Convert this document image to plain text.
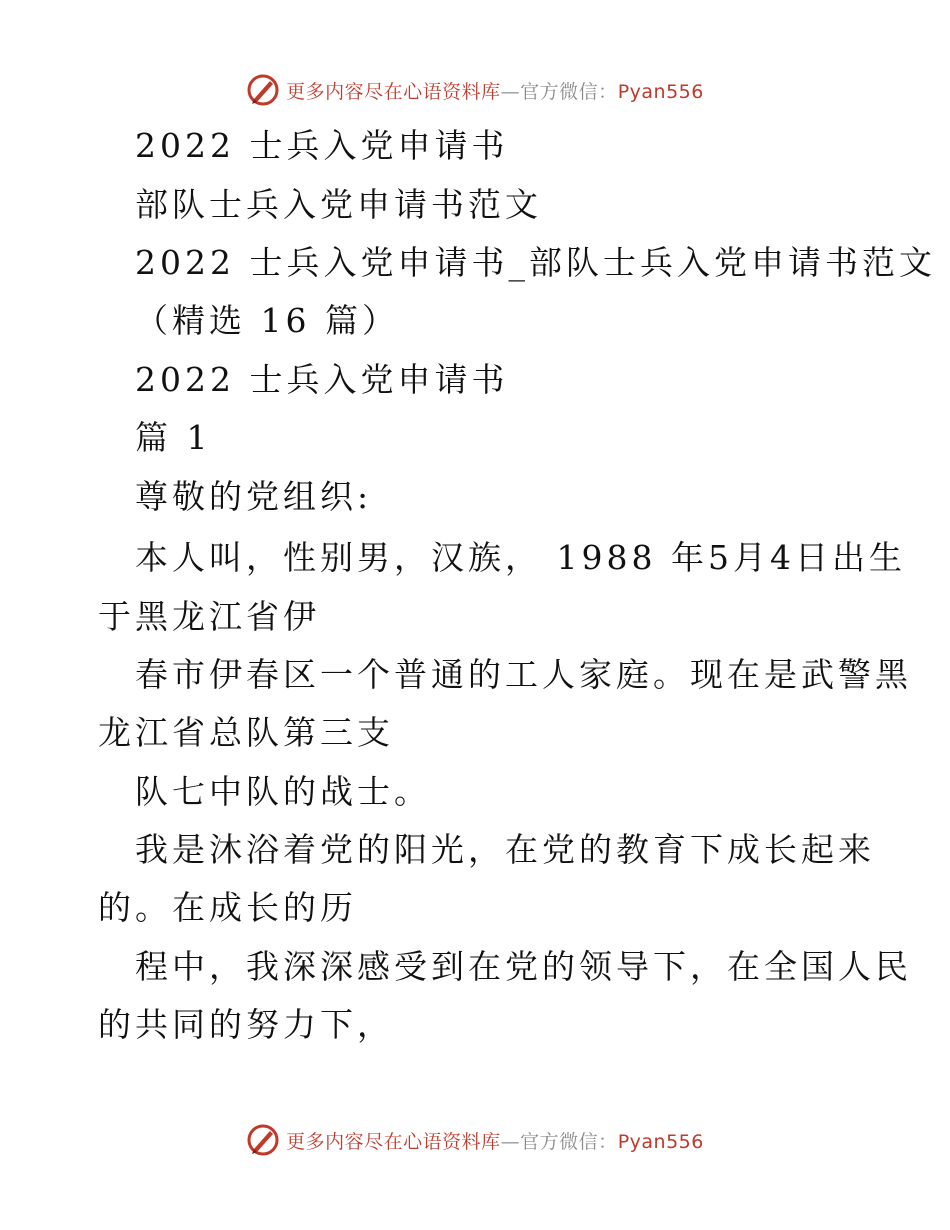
更多内容尽在心语资料库—官方微信：Pyan556
2022 士兵入党申请书
部队士兵入党申请书范文
2022 士兵入党申请书_部队士兵入党申请书范文
（精选 16 篇）
2022 士兵入党申请书
篇 1
尊敬的党组织:
本人叫，性别男，汉族， 1988 年5月4日出生
于黑龙江省伊
春市伊春区一个普通的工人家庭。现在是武警黑
龙江省总队第三支
队七中队的战士。
我是沐浴着党的阳光，在党的教育下成长起来
的。在成长的历
程中，我深深感受到在党的领导下，在全国人民
的共同的努力下，
更多内容尽在心语资料库—官方微信：Pyan556
